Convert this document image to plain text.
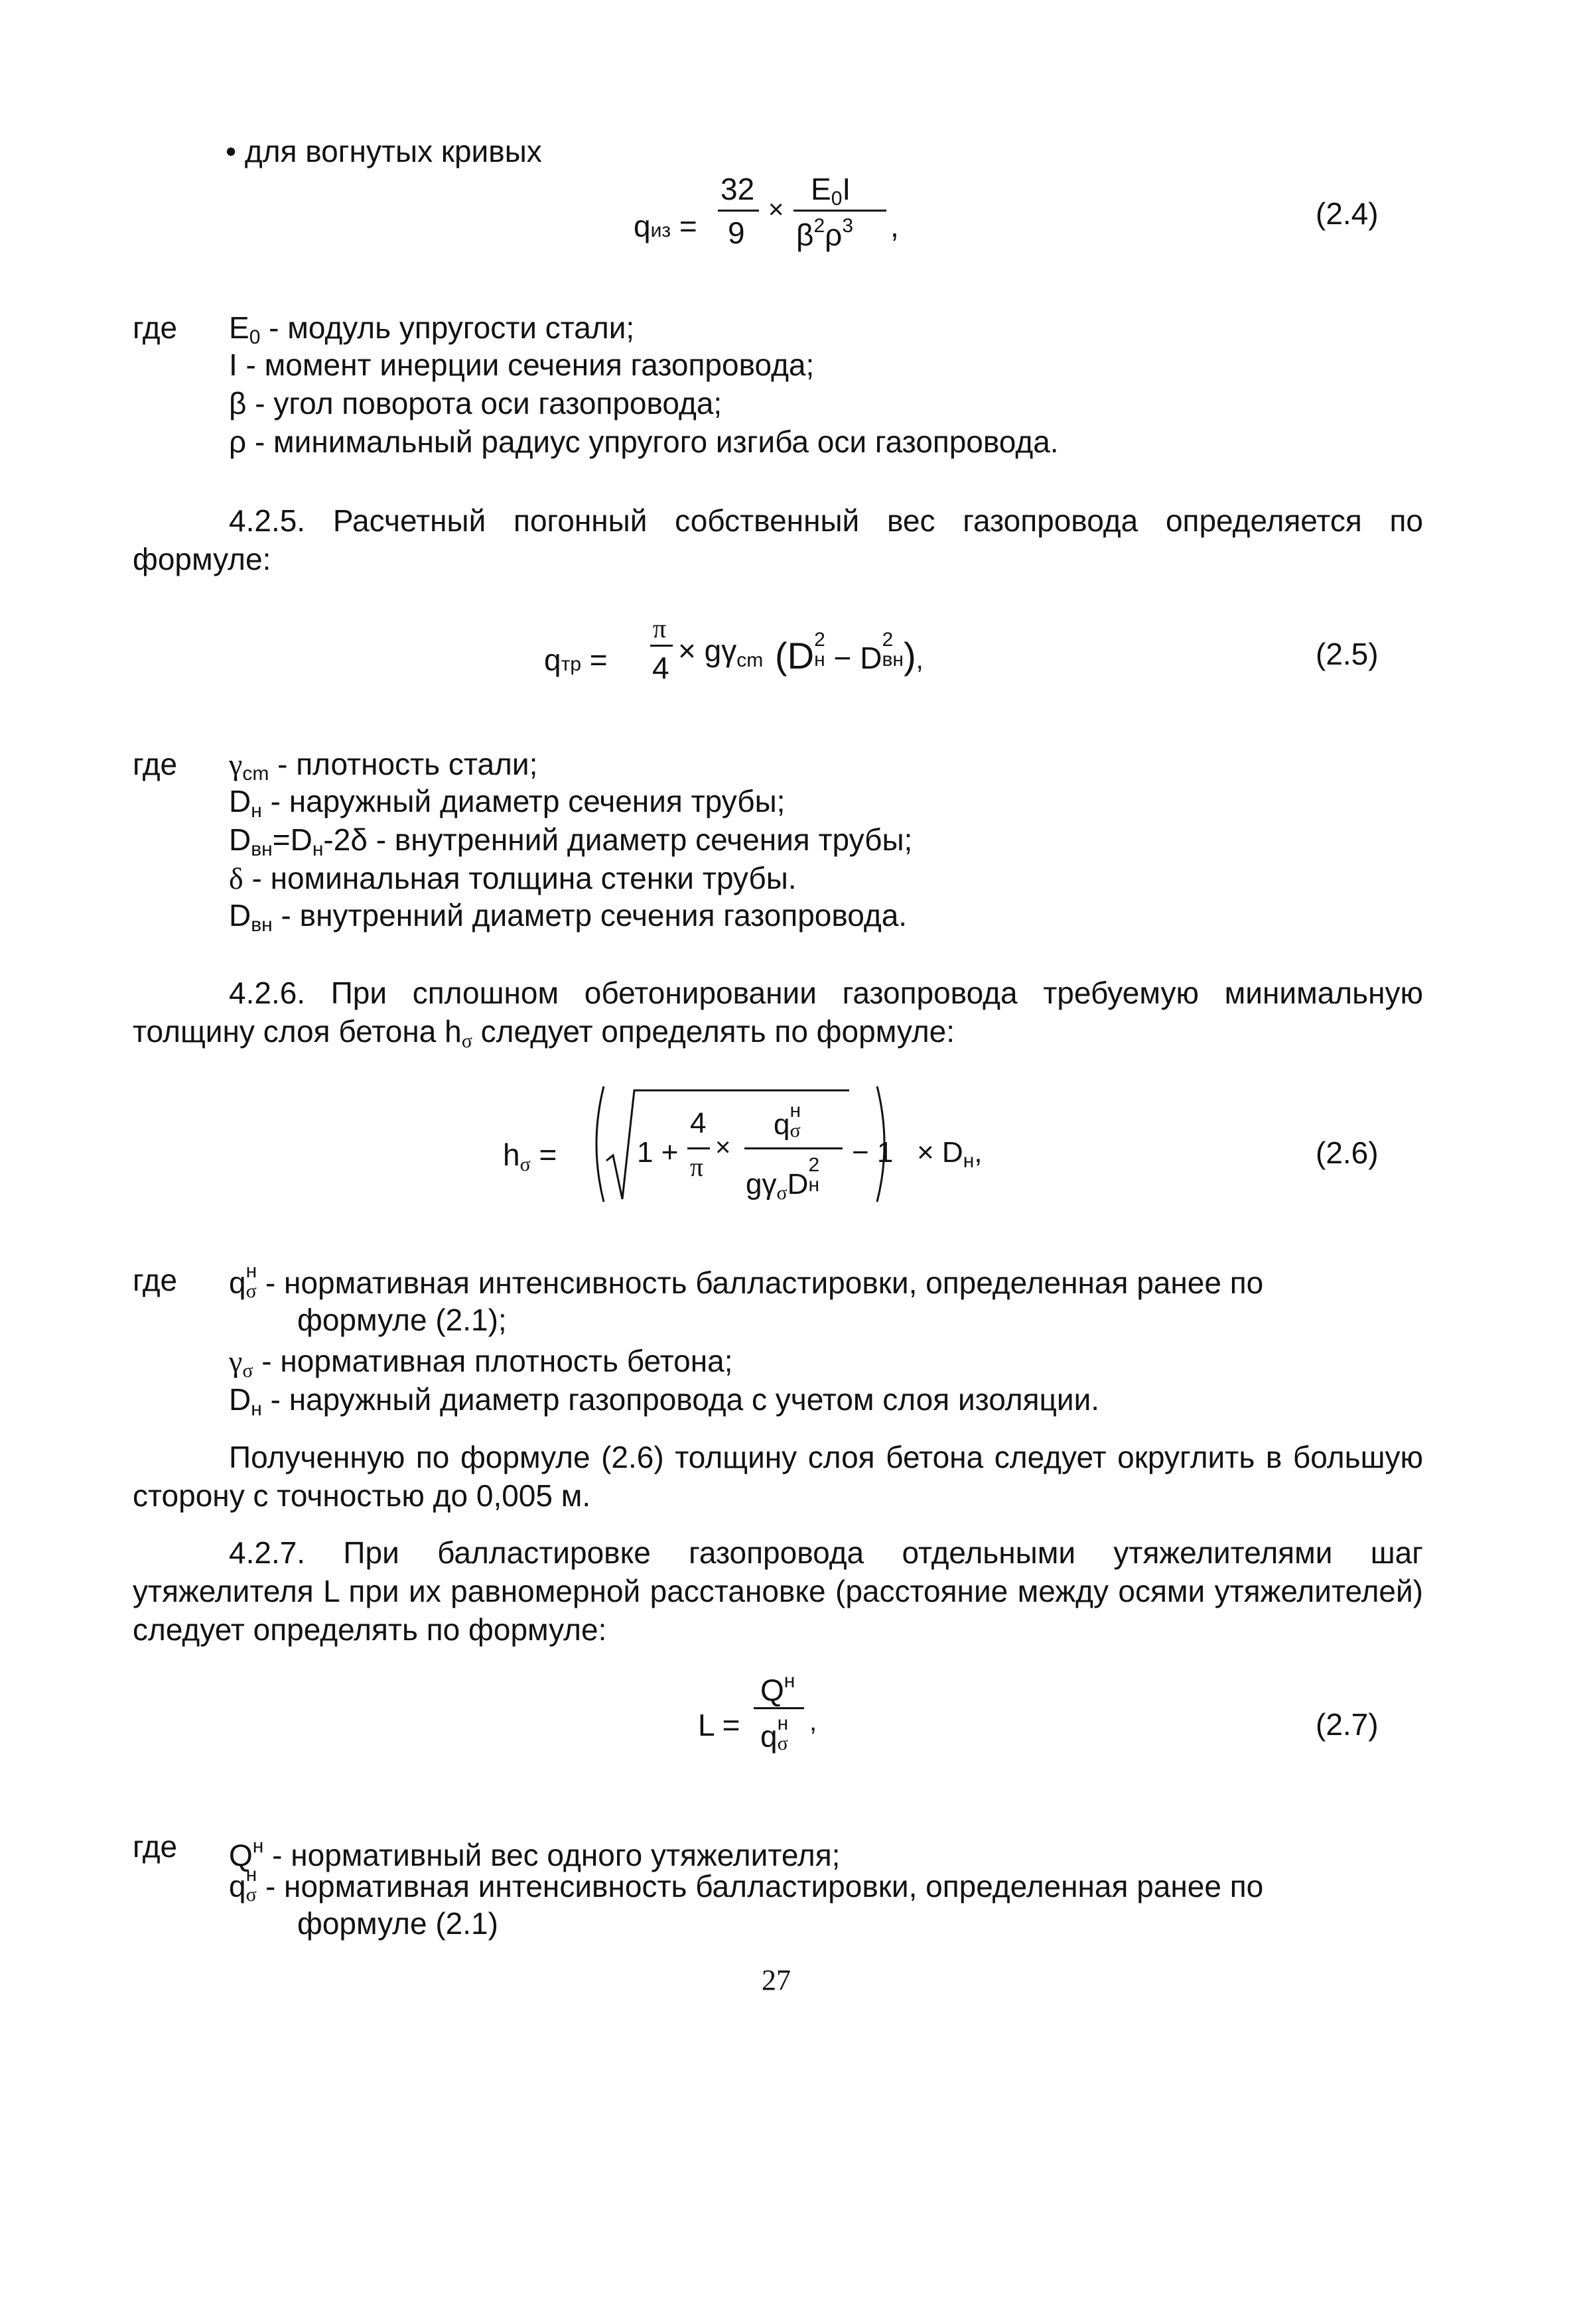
• для вогнутых кривых
qиз =
32
9
×
E0I
$\beta^2\rho^3$ ,	(2.4)
где $E_0$ - модуль упругости стали;
I - момент инерции сечения газопровода;
β - угол поворота оси газопровода;
ρ - минимальный радиус упругого изгиба оси газопровода.
4.2.5. Расчетный погонный собственный вес газопровода определяется по формуле:
qтр =
π
4 × gγcm (D 2
н − D
2
вн ),	(2.5)
где $\gamma_{cm}$ - плотность стали;
$D_н$ - наружный диаметр сечения трубы;
$D_{вн}=D_н-2\delta$ - внутренний диаметр сечения трубы;
δ - номинальная толщина стенки трубы.
$D_{вн}$ - внутренний диаметр сечения газопровода.
4.2.6. При сплошном обетонировании газопровода требуемую минимальную толщину слоя бетона $h_\sigma$ следует определять по формуле:
hσ =	1 +
4
π
×
q н
σ
gγσD
2
н
− 1 × Dн,	(2.6)
где q н
σ - нормативная интенсивность балластировки, определенная ранее по
формуле (2.1);
$\gamma_\sigma$ - нормативная плотность бетона;
$D_н$ - наружный диаметр газопровода с учетом слоя изоляции.
Полученную по формуле (2.6) толщину слоя бетона следует округлить в большую сторону с точностью до 0,005 м.
4.2.7. При балластировке газопровода отдельными утяжелителями шаг утяжелителя L при их равномерной расстановке (расстояние между осями утяжелителей) следует определять по формуле:
L =
$Q^н$
q н
σ
,	(2.7)
где $Q^н$ - нормативный вес одного утяжелителя;
q н
σ - нормативная интенсивность балластировки, определенная ранее по
формуле (2.1)
27
